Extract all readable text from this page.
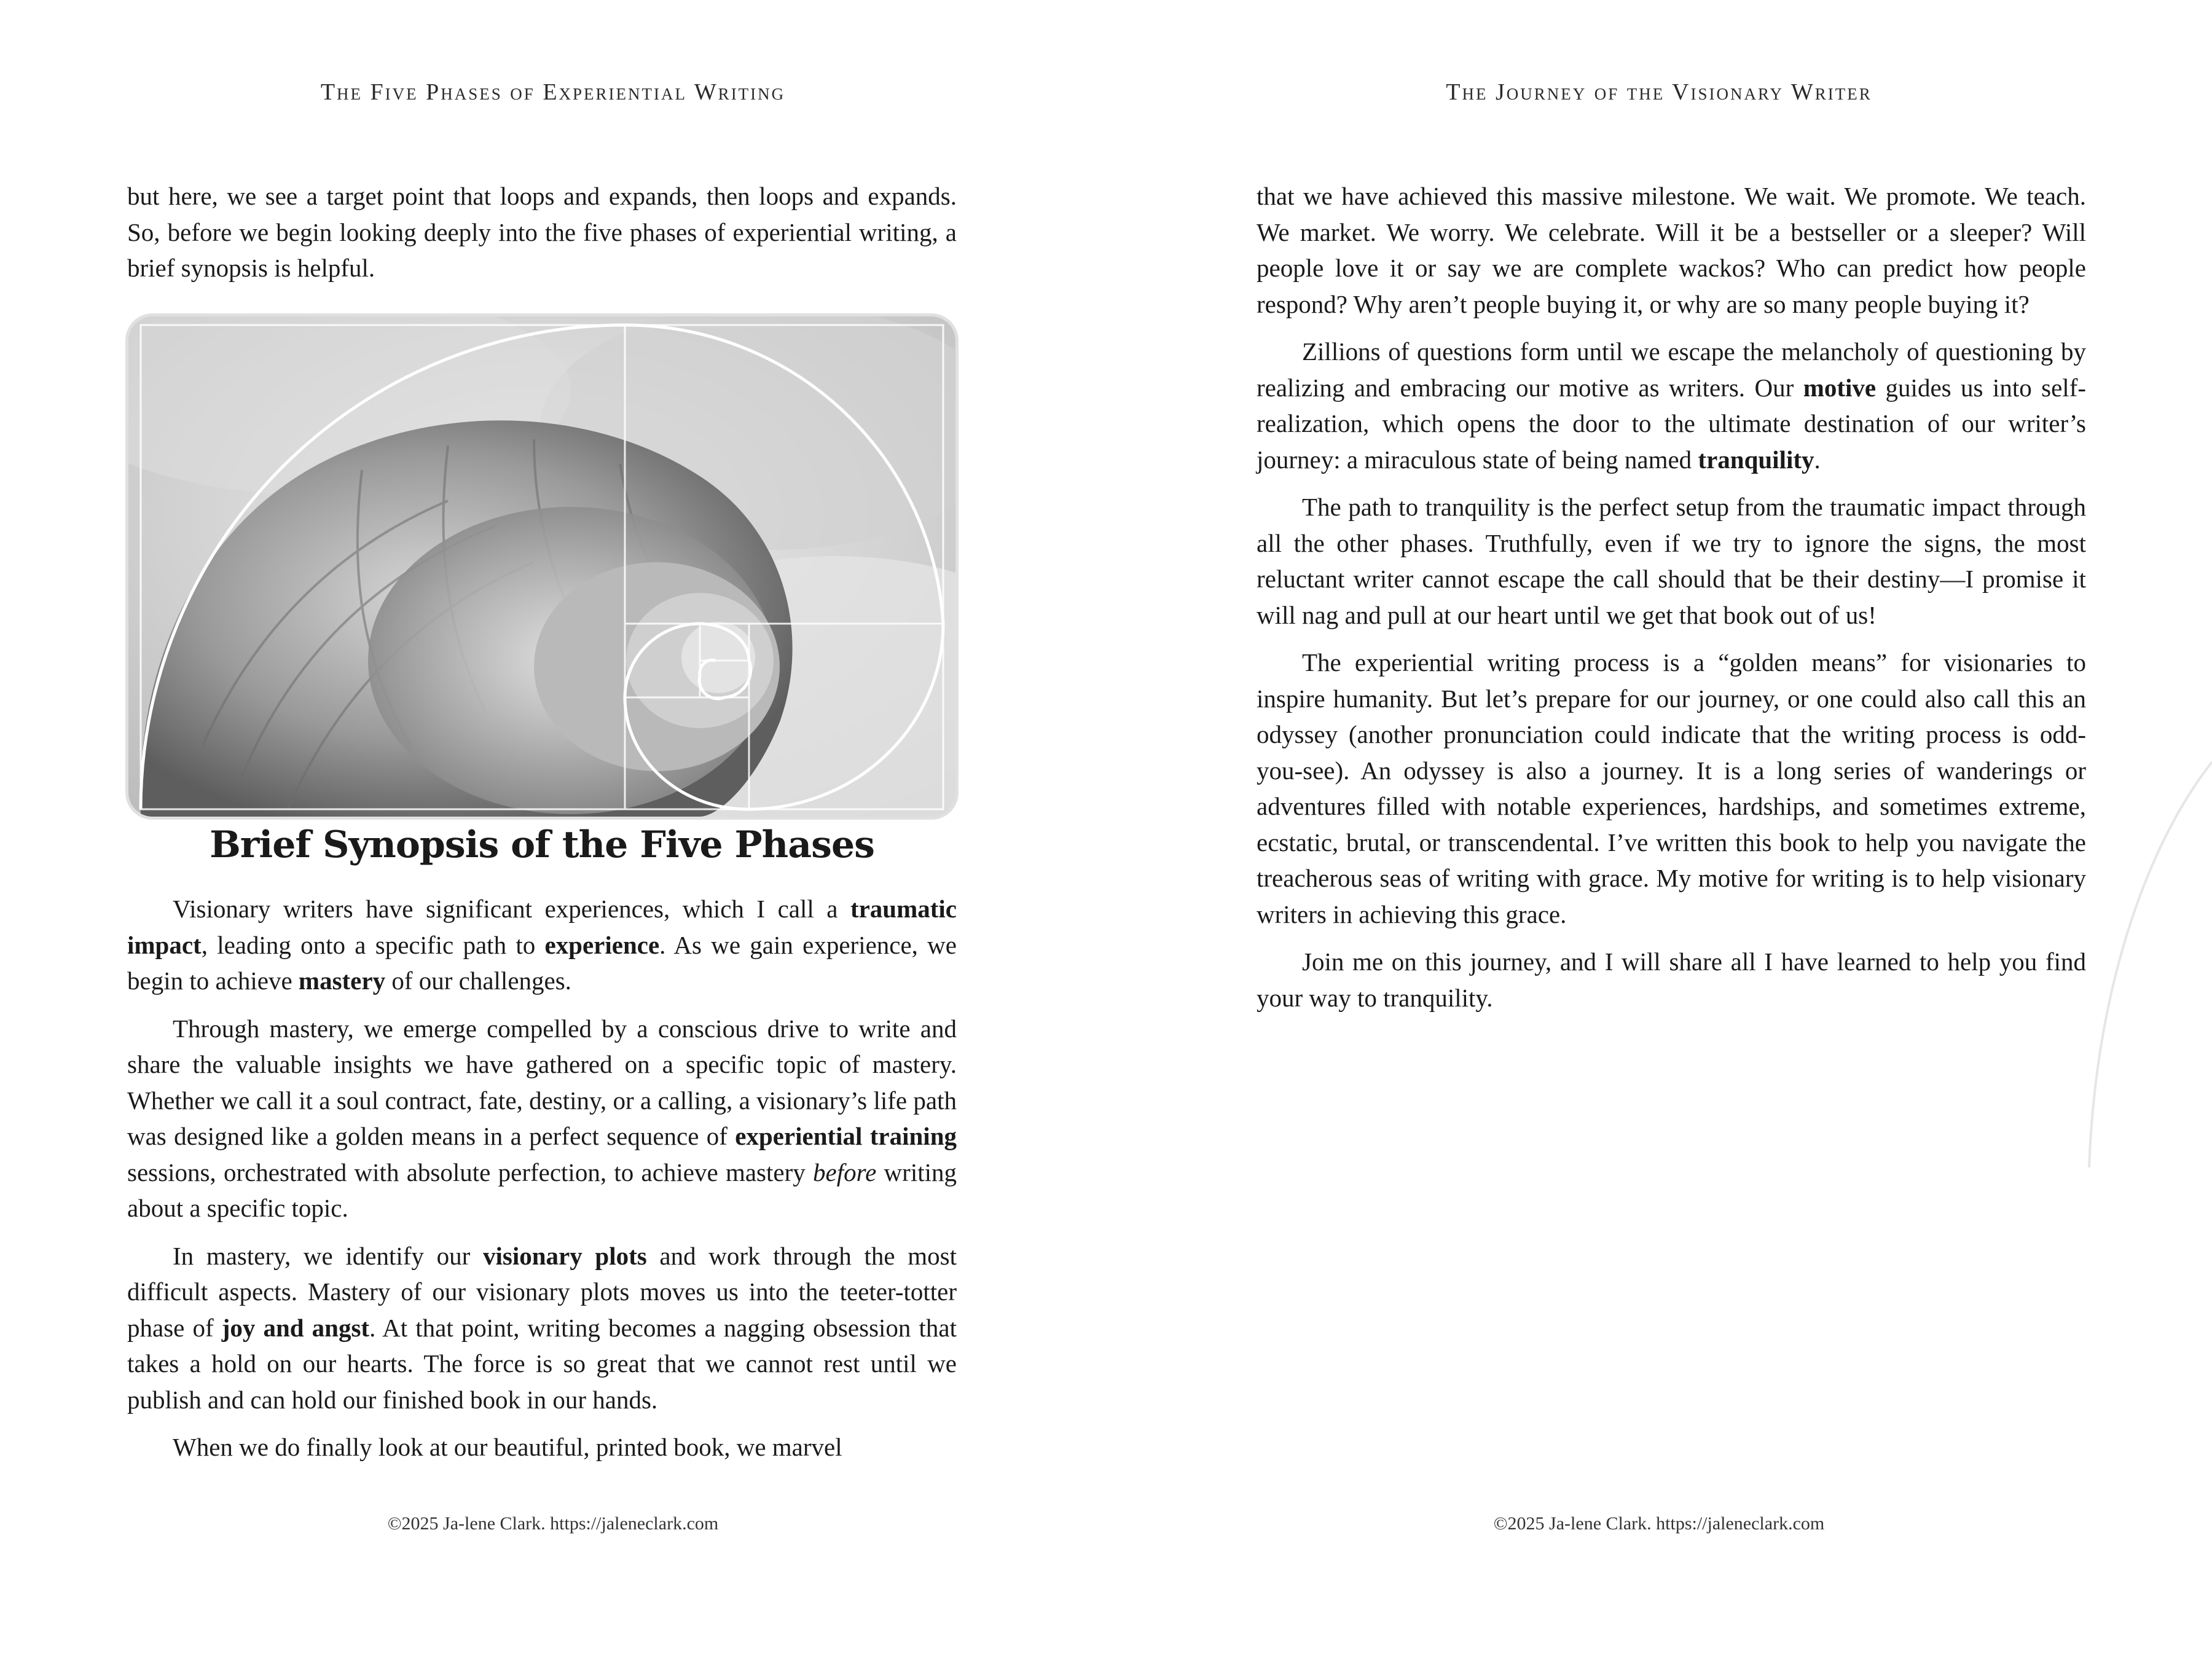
The Five Phases of Experiential Writing

but here, we see a target point that loops and expands, then loops and expands. So, before we begin looking deeply into the five phases of experiential writing, a brief synopsis is helpful.

Brief Synopsis of the Five Phases

Visionary writers have significant experiences, which I call a traumatic impact, leading onto a specific path to experience. As we gain experience, we begin to achieve mastery of our challenges.

Through mastery, we emerge compelled by a conscious drive to write and share the valuable insights we have gathered on a specific topic of mastery. Whether we call it a soul contract, fate, destiny, or a calling, a visionary’s life path was designed like a golden means in a perfect sequence of experiential training sessions, orchestrated with absolute perfection, to achieve mastery before writing about a specific topic.

In mastery, we identify our visionary plots and work through the most difficult aspects. Mastery of our visionary plots moves us into the teeter-totter phase of joy and angst. At that point, writing becomes a nagging obsession that takes a hold on our hearts. The force is so great that we cannot rest until we publish and can hold our finished book in our hands.

When we do finally look at our beautiful, printed book, we marvel

©2025 Ja-lene Clark. https://jaleneclark.com
The Journey of the Visionary Writer

that we have achieved this massive milestone. We wait. We promote. We teach. We market. We worry. We celebrate. Will it be a bestseller or a sleeper? Will people love it or say we are complete wackos? Who can predict how people respond? Why aren’t people buying it, or why are so many people buying it?

Zillions of questions form until we escape the melancholy of questioning by realizing and embracing our motive as writers. Our motive guides us into self-realization, which opens the door to the ultimate destination of our writer’s journey: a miraculous state of being named tranquility.

The path to tranquility is the perfect setup from the traumatic impact through all the other phases. Truthfully, even if we try to ignore the signs, the most reluctant writer cannot escape the call should that be their destiny—I promise it will nag and pull at our heart until we get that book out of us!

The experiential writing process is a “golden means” for visionaries to inspire humanity. But let’s prepare for our journey, or one could also call this an odyssey (another pronunciation could indicate that the writing process is odd-you-see). An odyssey is also a journey. It is a long series of wanderings or adventures filled with notable experiences, hardships, and sometimes extreme, ecstatic, brutal, or transcendental. I’ve written this book to help you navigate the treacherous seas of writing with grace. My motive for writing is to help visionary writers in achieving this grace.

Join me on this journey, and I will share all I have learned to help you find your way to tranquility.

©2025 Ja-lene Clark. https://jaleneclark.com
